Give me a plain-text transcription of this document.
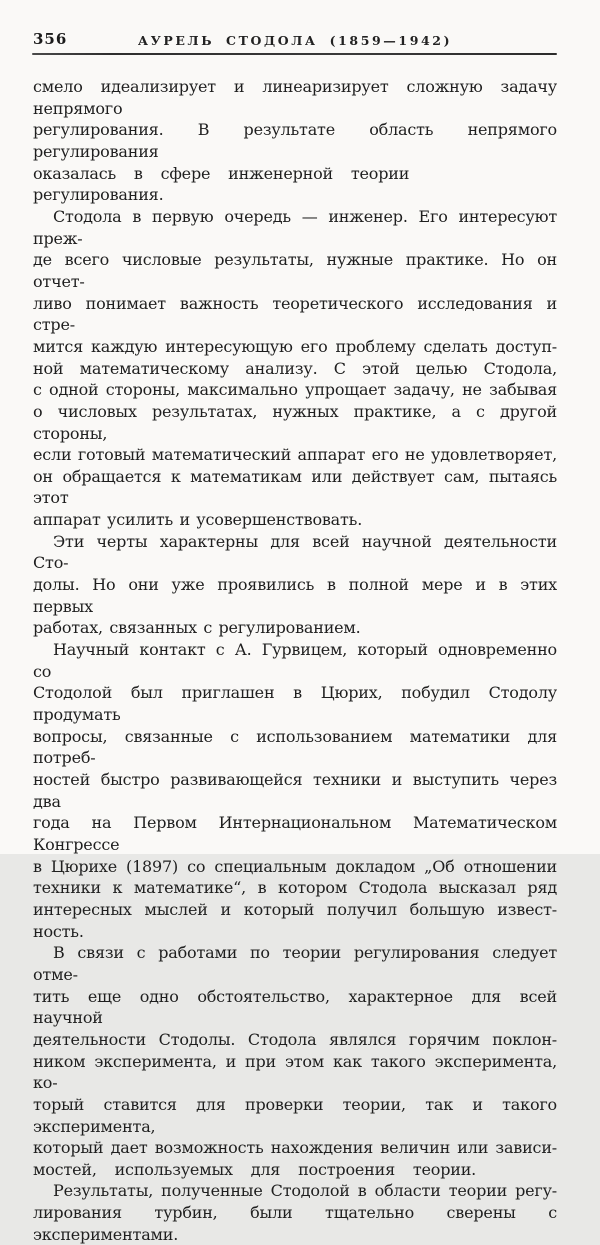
356	АУРЕЛЬ СТОДОЛА (1859—1942)
смело идеализирует и линеаризирует сложную задачу непрямого
регулирования. В результате область непрямого регулирования
оказалась в сфере инженерной теории регулирования.
Стодола в первую очередь — инженер. Его интересуют преж-
де всего числовые результаты, нужные практике. Но он отчет-
ливо понимает важность теоретического исследования и стре-
мится каждую интересующую его проблему сделать доступ-
ной математическому анализу. С этой целью Стодола,
с одной стороны, максимально упрощает задачу, не забывая
о числовых результатах, нужных практике, а с другой стороны,
если готовый математический аппарат его не удовлетворяет,
он обращается к математикам или действует сам, пытаясь этот
аппарат усилить и усовершенствовать.
Эти черты характерны для всей научной деятельности Сто-
долы. Но они уже проявились в полной мере и в этих первых
работах, связанных с регулированием.
Научный контакт с А. Гурвицем, который одновременно со
Стодолой был приглашен в Цюрих, побудил Стодолу продумать
вопросы, связанные с использованием математики для потреб-
ностей быстро развивающейся техники и выступить через два
года на Первом Интернациональном Математическом Конгрессе
в Цюрихе (1897) со специальным докладом „Об отношении
техники к математике“, в котором Стодола высказал ряд
интересных мыслей и который получил большую извест-
ность.
В связи с работами по теории регулирования следует отме-
тить еще одно обстоятельство, характерное для всей научной
деятельности Стодолы. Стодола являлся горячим поклон-
ником эксперимента, и при этом как такого эксперимента, ко-
торый ставится для проверки теории, так и такого эксперимента,
который дает возможность нахождения величин или зависи-
мостей, используемых для построения теории.
Результаты, полученные Стодолой в области теории регу-
лирования турбин, были тщательно сверены с экспериментами.
